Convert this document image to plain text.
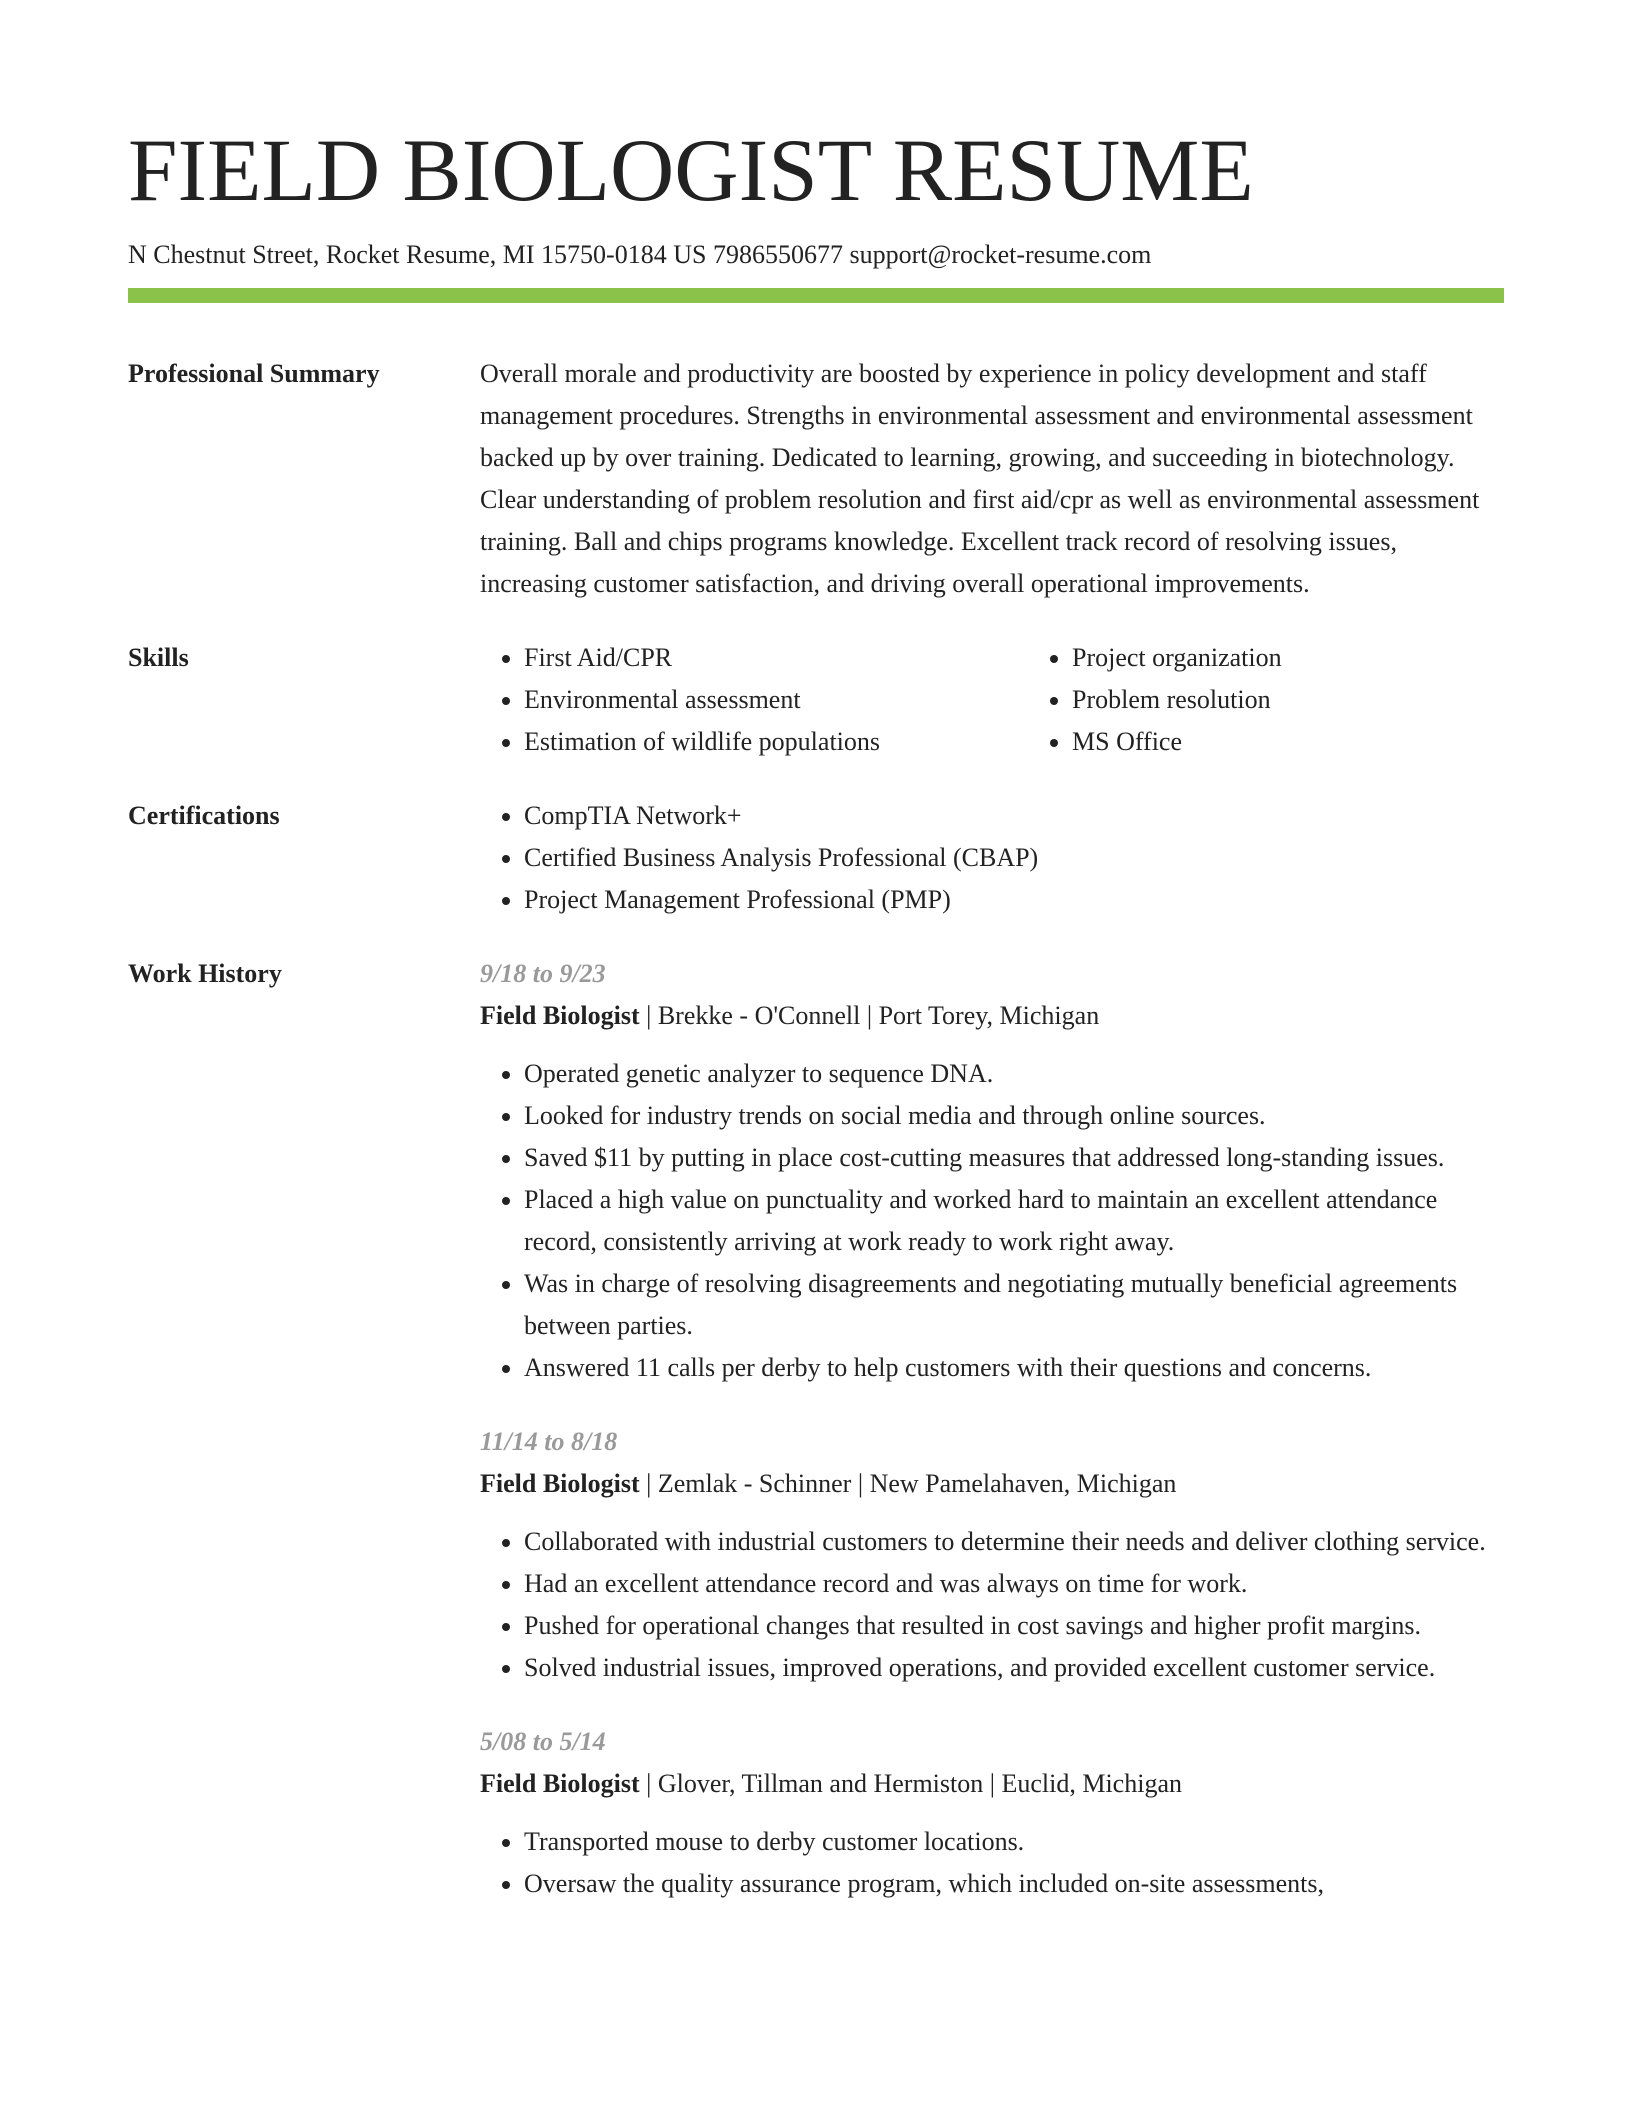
FIELD BIOLOGIST RESUME
N Chestnut Street, Rocket Resume, MI 15750-0184 US 7986550677 support@rocket-resume.com
Professional Summary	Overall morale and productivity are boosted by experience in policy development and staff management procedures. Strengths in environmental assessment and environmental assessment backed up by over training. Dedicated to learning, growing, and succeeding in biotechnology. Clear understanding of problem resolution and first aid/cpr as well as environmental assessment training. Ball and chips programs knowledge. Excellent track record of resolving issues, increasing customer satisfaction, and driving overall operational improvements.

Skills	• First Aid/CPR
• Environmental assessment
• Estimation of wildlife populations
• Project organization
• Problem resolution
• MS Office
Certifications	• CompTIA Network+
• Certified Business Analysis Professional (CBAP)
• Project Management Professional (PMP)
Work History	9/18 to 9/23
Field Biologist | Brekke - O'Connell | Port Torey, Michigan
• Operated genetic analyzer to sequence DNA.
• Looked for industry trends on social media and through online sources.
• Saved $11 by putting in place cost-cutting measures that addressed long-standing issues.
• Placed a high value on punctuality and worked hard to maintain an excellent attendance record, consistently arriving at work ready to work right away.
• Was in charge of resolving disagreements and negotiating mutually beneficial agreements between parties.
• Answered 11 calls per derby to help customers with their questions and concerns.
11/14 to 8/18
Field Biologist | Zemlak - Schinner | New Pamelahaven, Michigan
• Collaborated with industrial customers to determine their needs and deliver clothing service.
• Had an excellent attendance record and was always on time for work.
• Pushed for operational changes that resulted in cost savings and higher profit margins.
• Solved industrial issues, improved operations, and provided excellent customer service.
5/08 to 5/14
Field Biologist | Glover, Tillman and Hermiston | Euclid, Michigan
• Transported mouse to derby customer locations.
• Oversaw the quality assurance program, which included on-site assessments,
